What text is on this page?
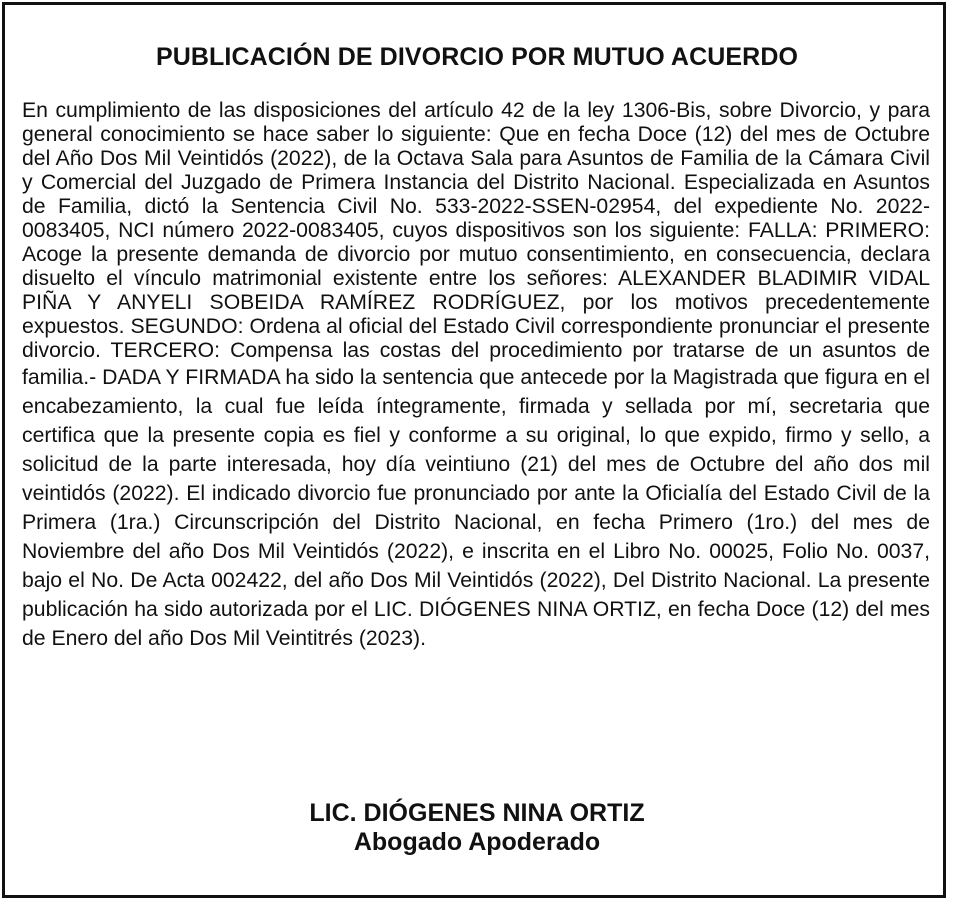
PUBLICACIÓN DE DIVORCIO POR MUTUO ACUERDO
En cumplimiento de las disposiciones del artículo 42 de la ley 1306-Bis, sobre Divorcio, y para general conocimiento se hace saber lo siguiente: Que en fecha Doce (12) del mes de Octubre del Año Dos Mil Veintidós (2022), de la Octava Sala para Asuntos de Familia de la Cámara Civil y Comercial del Juzgado de Primera Instancia del Distrito Nacional. Especializada en Asuntos de Familia, dictó la Sentencia Civil No. 533-2022-SSEN-02954, del expediente No. 2022-0083405, NCI número 2022-0083405, cuyos dispositivos son los siguiente: FALLA: PRIMERO: Acoge la presente demanda de divorcio por mutuo consentimiento, en consecuencia, declara disuelto el vínculo matrimonial existente entre los señores: ALEXANDER BLADIMIR VIDAL PIÑA Y ANYELI SOBEIDA RAMÍREZ RODRÍGUEZ, por los motivos precedentemente expuestos. SEGUNDO: Ordena al oficial del Estado Civil correspondiente pronunciar el presente divorcio. TERCERO: Compensa las costas del procedimiento por tratarse de un asuntos de familia.- DADA Y FIRMADA ha sido la sentencia que antecede por la Magistrada que figura en el encabezamiento, la cual fue leída íntegramente, firmada y sellada por mí, secretaria que certifica que la presente copia es fiel y conforme a su original, lo que expido, firmo y sello, a solicitud de la parte interesada, hoy día veintiuno (21) del mes de Octubre del año dos mil veintidós (2022). El indicado divorcio fue pronunciado por ante la Oficialía del Estado Civil de la Primera (1ra.) Circunscripción del Distrito Nacional, en fecha Primero (1ro.) del mes de Noviembre del año Dos Mil Veintidós (2022), e inscrita en el Libro No. 00025, Folio No. 0037, bajo el No. De Acta 002422, del año Dos Mil Veintidós (2022), Del Distrito Nacional. La presente publicación ha sido autorizada por el LIC. DIÓGENES NINA ORTIZ, en fecha Doce (12) del mes de Enero del año Dos Mil Veintitrés (2023).
LIC. DIÓGENES NINA ORTIZ
Abogado Apoderado
